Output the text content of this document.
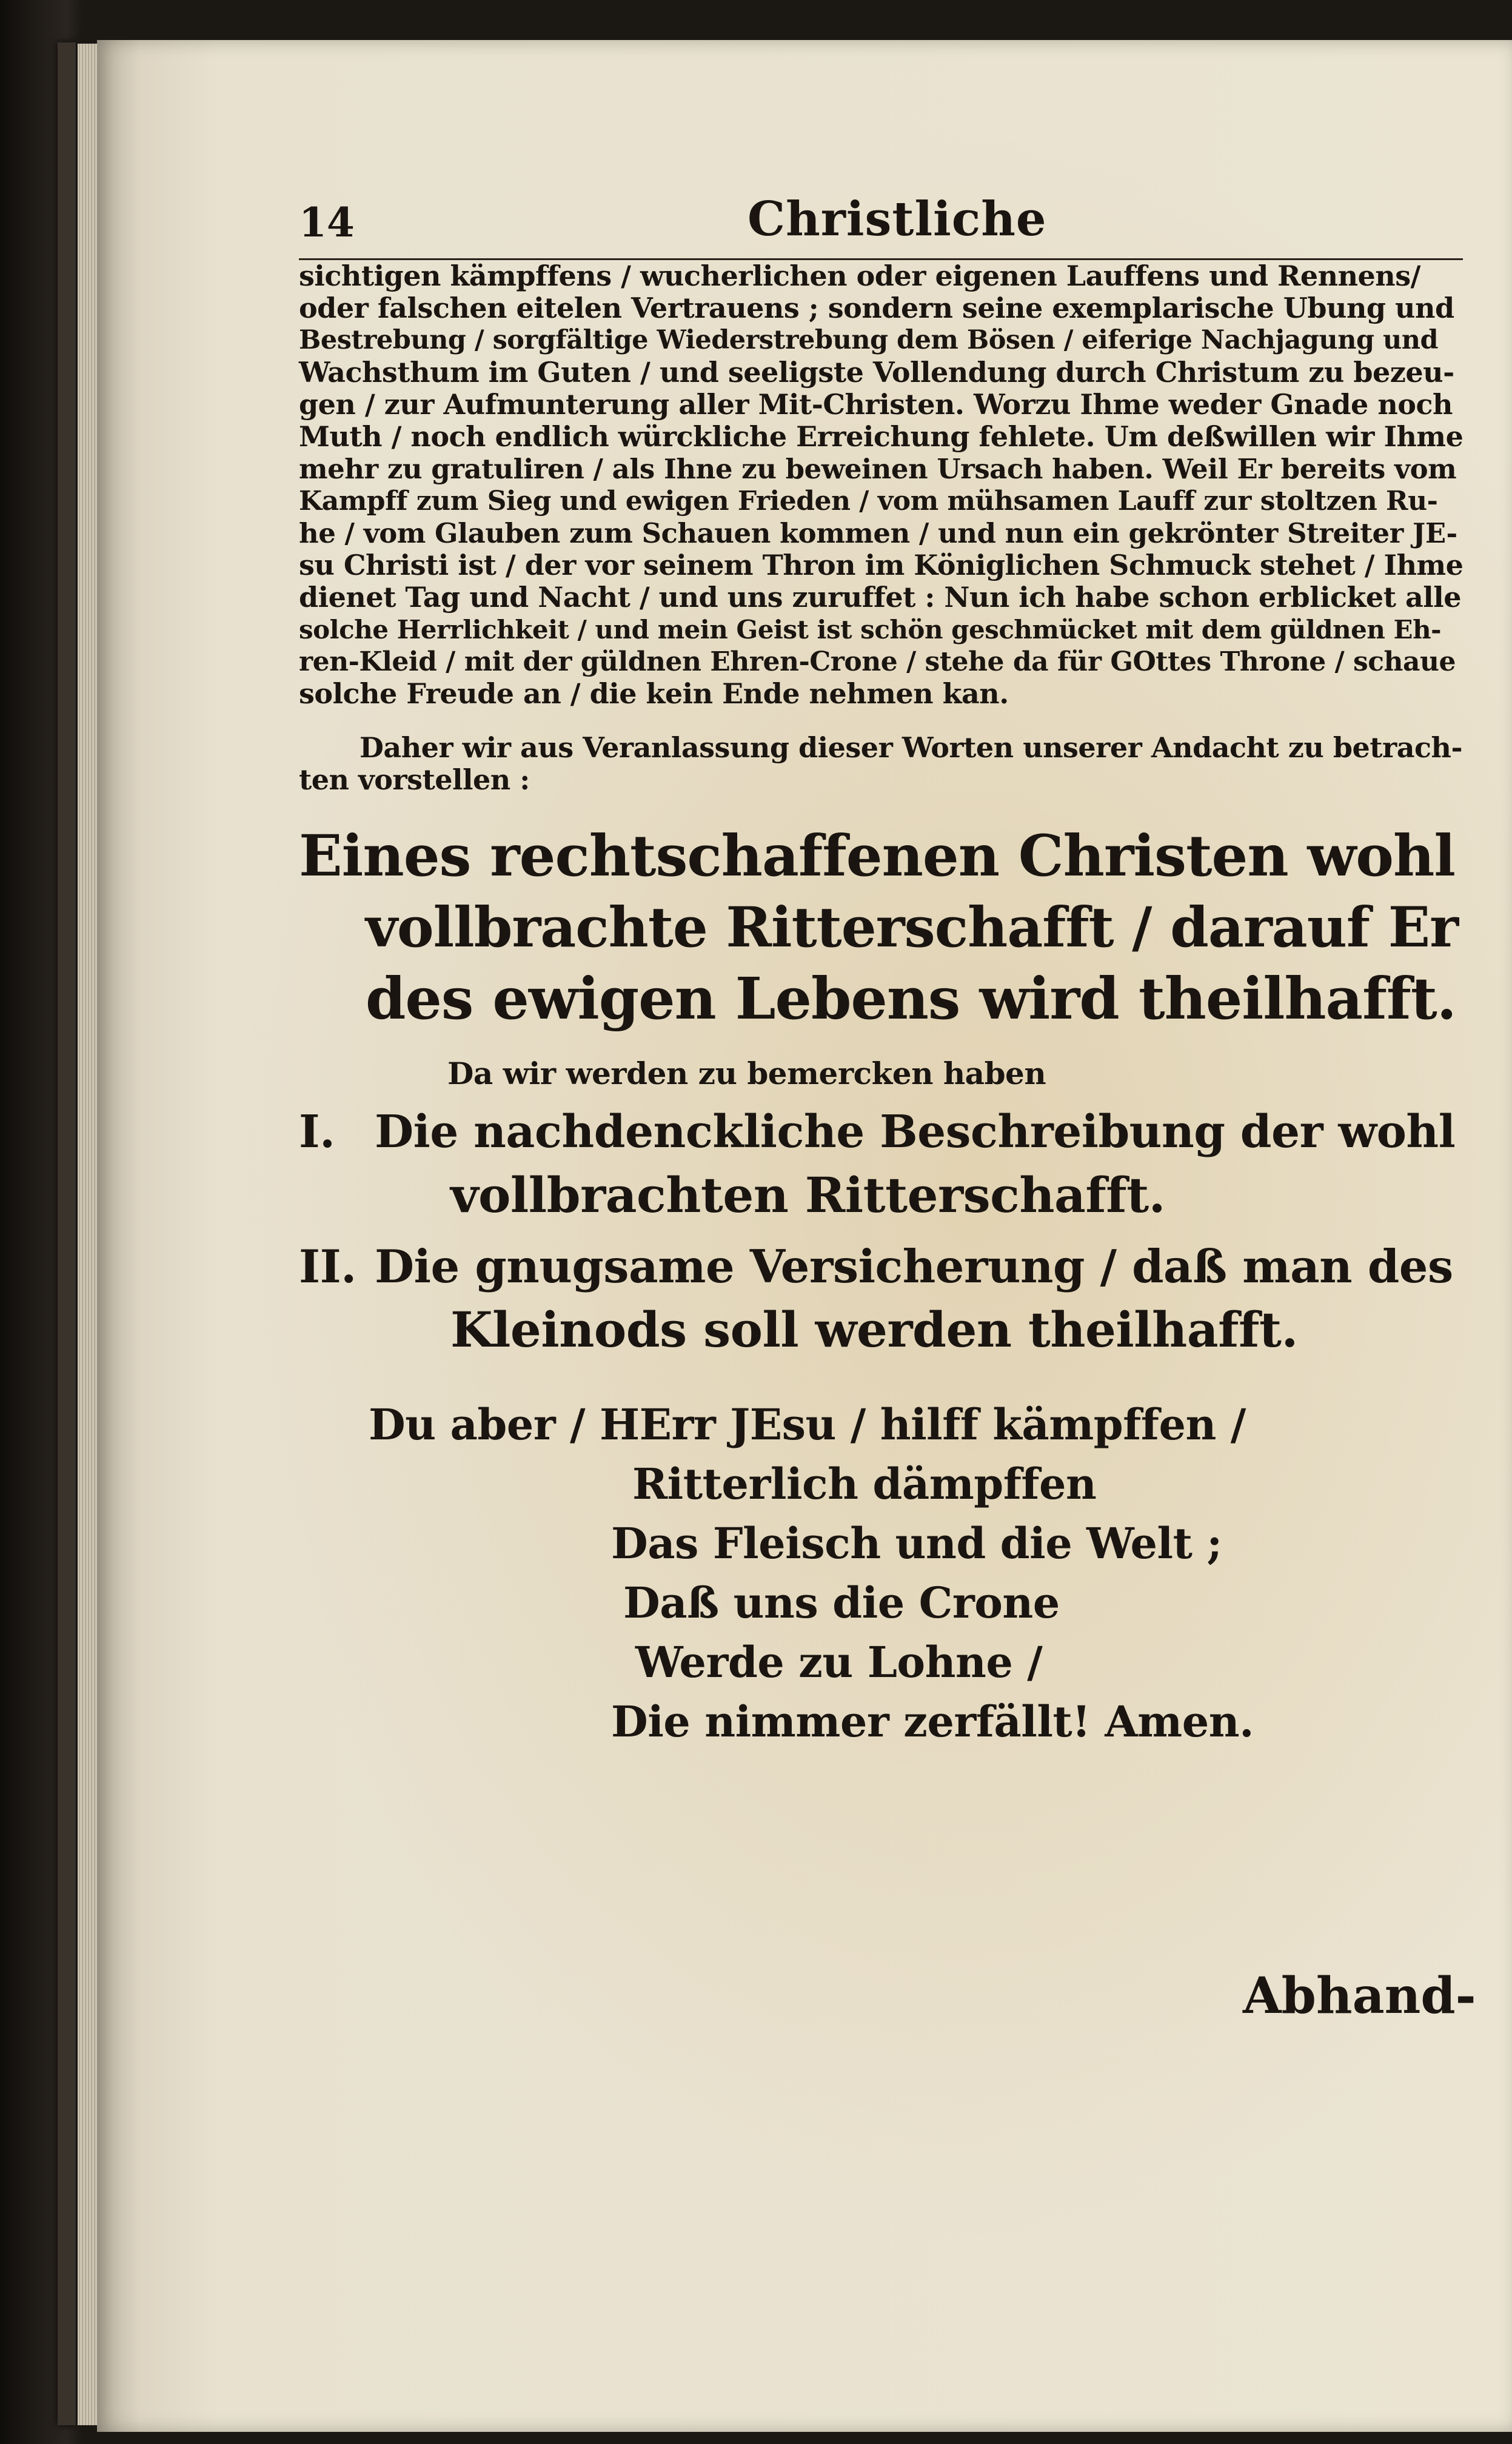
14	Christliche
sichtigen kämpffens / wucherlichen oder eigenen Lauffens und Rennens/
oder falschen eitelen Vertrauens ; sondern seine exemplarische Ubung und
Bestrebung / sorgfältige Wiederstrebung dem Bösen / eiferige Nachjagung und
Wachsthum im Guten / und seeligste Vollendung durch Christum zu bezeu-
gen / zur Aufmunterung aller Mit-Christen. Worzu Ihme weder Gnade noch
Muth / noch endlich würckliche Erreichung fehlete. Um deßwillen wir Ihme
mehr zu gratuliren / als Ihne zu beweinen Ursach haben. Weil Er bereits vom
Kampff zum Sieg und ewigen Frieden / vom mühsamen Lauff zur stoltzen Ru-
he / vom Glauben zum Schauen kommen / und nun ein gekrönter Streiter JE-
su Christi ist / der vor seinem Thron im Königlichen Schmuck stehet / Ihme
dienet Tag und Nacht / und uns zuruffet : Nun ich habe schon erblicket alle
solche Herrlichkeit / und mein Geist ist schön geschmücket mit dem güldnen Eh-
ren-Kleid / mit der güldnen Ehren-Crone / stehe da für GOttes Throne / schaue
solche Freude an / die kein Ende nehmen kan.
Daher wir aus Veranlassung dieser Worten unserer Andacht zu betrach-
ten vorstellen :
Eines rechtschaffenen Christen wohl
vollbrachte Ritterschafft / darauf Er
des ewigen Lebens wird theilhafft.
Da wir werden zu bemercken haben
I. Die nachdenckliche Beschreibung der wohl
vollbrachten Ritterschafft.
II. Die gnugsame Versicherung / daß man des
Kleinods soll werden theilhafft.
Du aber / HErr JEsu / hilff kämpffen /
Ritterlich dämpffen
Das Fleisch und die Welt ;
Daß uns die Crone
Werde zu Lohne /
Die nimmer zerfällt! Amen.
Abhand-
